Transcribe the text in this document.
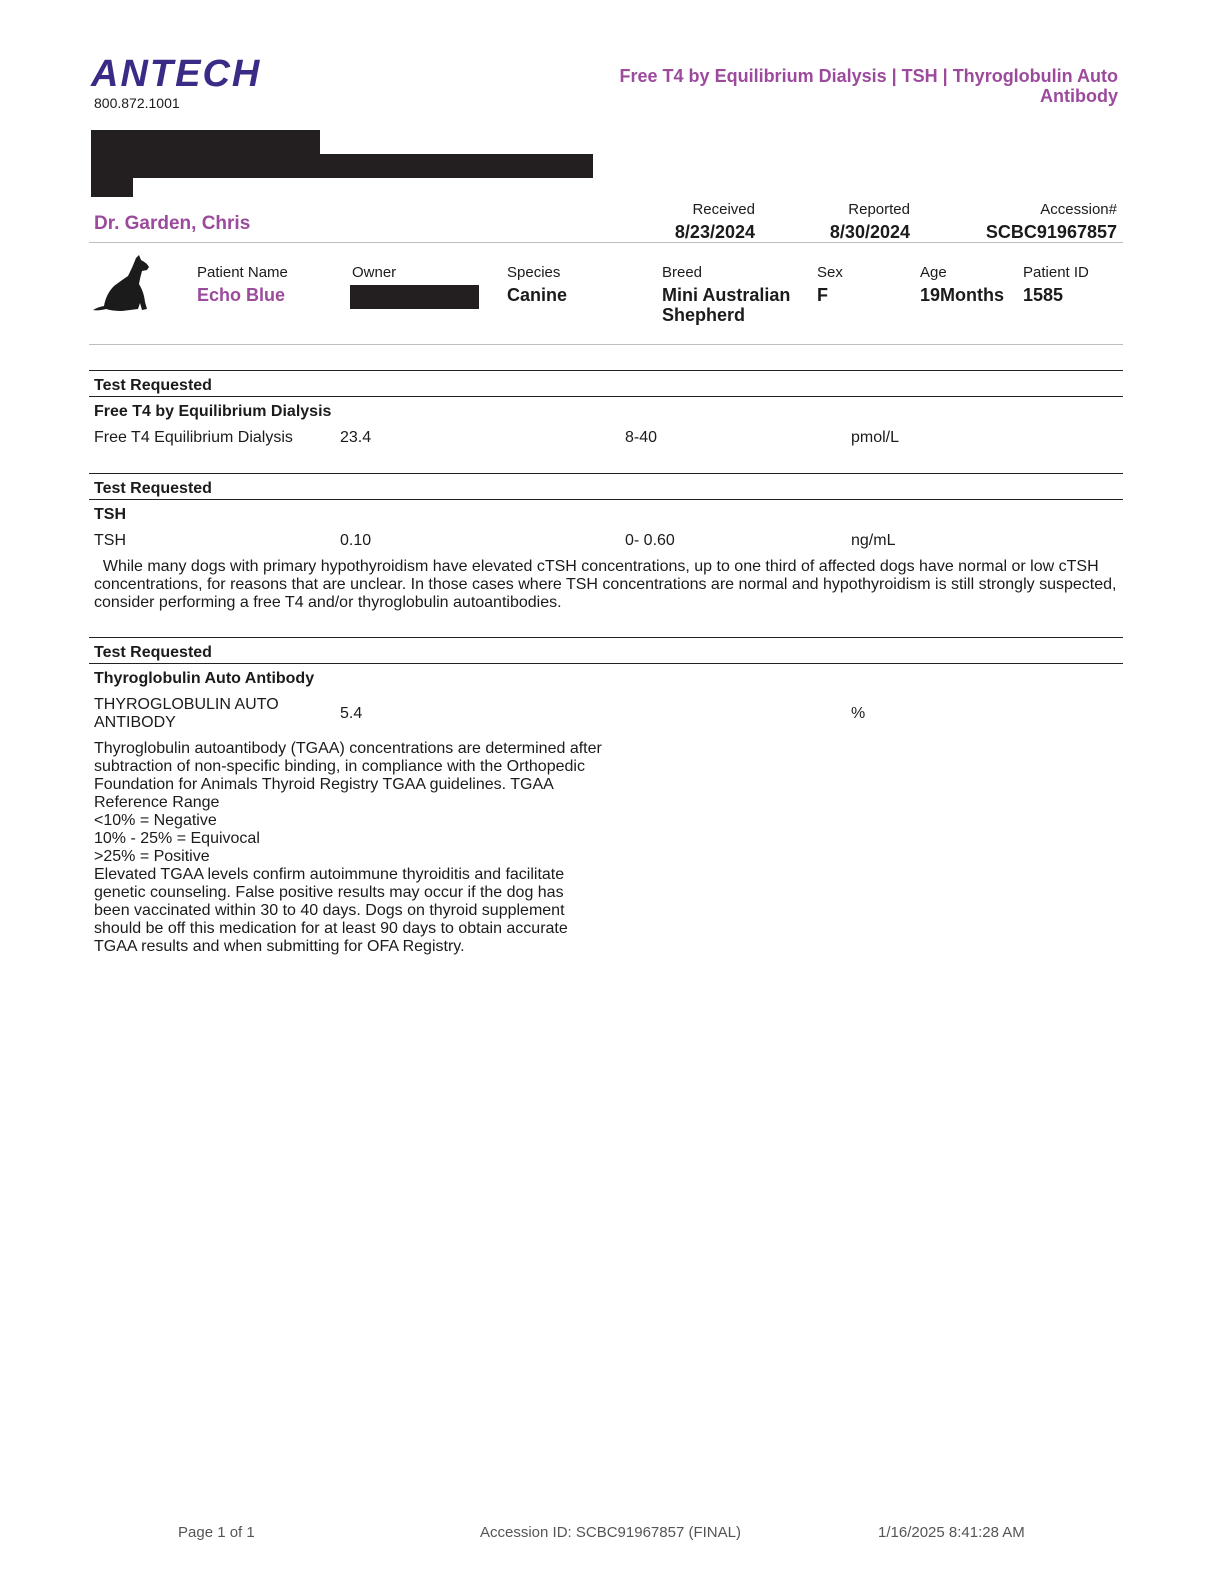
ANTECH
800.872.1001
Free T4 by Equilibrium Dialysis | TSH | Thyroglobulin Auto Antibody
Dr. Garden, Chris
Received
8/23/2024
Reported
8/30/2024
Accession#
SCBC91967857
Patient Name
Echo Blue
Owner	Species
Canine
Breed
Mini Australian Shepherd
Sex
F
Age
19Months
Patient ID
1585
Test Requested
Free T4 by Equilibrium Dialysis
Free T4 Equilibrium Dialysis	23.4	8-40	pmol/L
Test Requested
TSH
TSH	0.10	0- 0.60	ng/mL
While many dogs with primary hypothyroidism have elevated cTSH concentrations, up to one third of affected dogs have normal or low cTSH concentrations, for reasons that are unclear. In those cases where TSH concentrations are normal and hypothyroidism is still strongly suspected, consider performing a free T4 and/or thyroglobulin autoantibodies.
Test Requested
Thyroglobulin Auto Antibody
THYROGLOBULIN AUTO
ANTIBODY
5.4	%
Thyroglobulin autoantibody (TGAA) concentrations are determined after
subtraction of non-specific binding, in compliance with the Orthopedic
Foundation for Animals Thyroid Registry TGAA guidelines. TGAA
Reference Range
<10% = Negative
10% - 25% = Equivocal
>25% = Positive
Elevated TGAA levels confirm autoimmune thyroiditis and facilitate
genetic counseling. False positive results may occur if the dog has
been vaccinated within 30 to 40 days. Dogs on thyroid supplement
should be off this medication for at least 90 days to obtain accurate
TGAA results and when submitting for OFA Registry.
Page 1 of 1	Accession ID: SCBC91967857 (FINAL)	1/16/2025 8:41:28 AM
